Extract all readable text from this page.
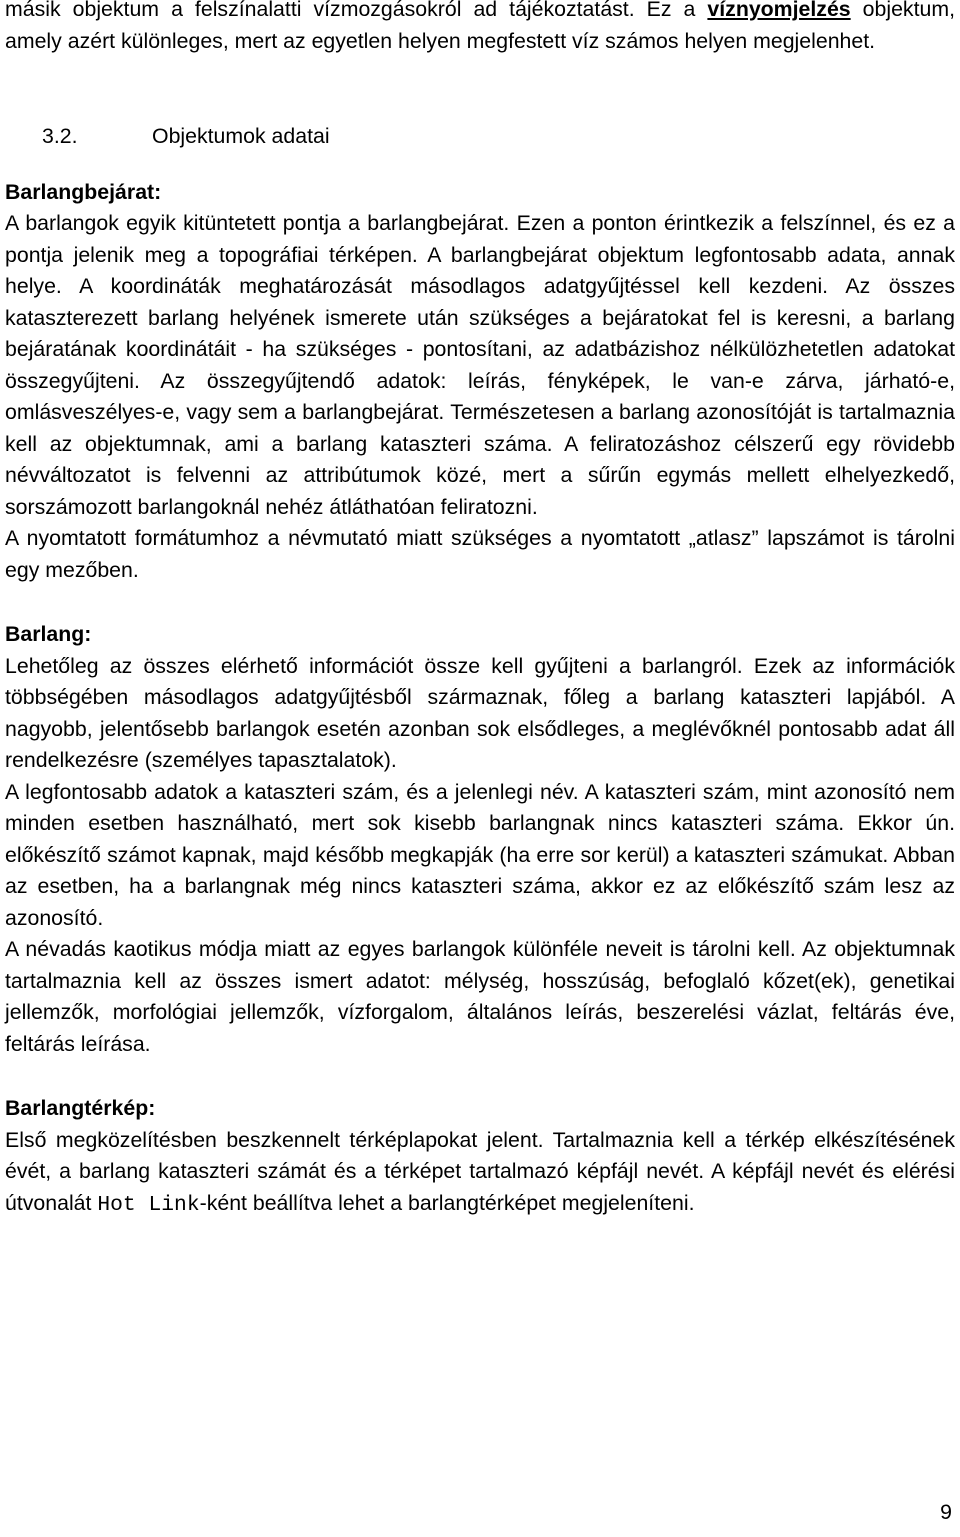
másik objektum a felszínalatti vízmozgásokról ad tájékoztatást. Ez a víznyomjelzés objektum, amely azért különleges, mert az egyetlen helyen megfestett víz számos helyen megjelenhet.

3.2.	Objektumok adatai
Barlangbejárat:

A barlangok egyik kitüntetett pontja a barlangbejárat. Ezen a ponton érintkezik a felszínnel, és ez a pontja jelenik meg a topográfiai térképen. A barlangbejárat objektum legfontosabb adata, annak helye. A koordináták meghatározását másodlagos adatgyűjtéssel kell kezdeni. Az összes kataszterezett barlang helyének ismerete után szükséges a bejáratokat fel is keresni, a barlang bejáratának koordinátáit - ha szükséges - pontosítani, az adatbázishoz nélkülözhetetlen adatokat összegyűjteni. Az összegyűjtendő adatok: leírás, fényképek, le van-e zárva, járható-e, omlásveszélyes-e, vagy sem a barlangbejárat. Természetesen a barlang azonosítóját is tartalmaznia kell az objektumnak, ami a barlang kataszteri száma. A feliratozáshoz célszerű egy rövidebb névváltozatot is felvenni az attribútumok közé, mert a sűrűn egymás mellett elhelyezkedő, sorszámozott barlangoknál nehéz átláthatóan feliratozni.

A nyomtatott formátumhoz a névmutató miatt szükséges a nyomtatott „atlasz” lapszámot is tárolni egy mezőben.

Barlang:

Lehetőleg az összes elérhető információt össze kell gyűjteni a barlangról. Ezek az információk többségében másodlagos adatgyűjtésből származnak, főleg a barlang kataszteri lapjából. A nagyobb, jelentősebb barlangok esetén azonban sok elsődleges, a meglévőknél pontosabb adat áll rendelkezésre (személyes tapasztalatok).

A legfontosabb adatok a kataszteri szám, és a jelenlegi név. A kataszteri szám, mint azonosító nem minden esetben használható, mert sok kisebb barlangnak nincs kataszteri száma. Ekkor ún. előkészítő számot kapnak, majd később megkapják (ha erre sor kerül) a kataszteri számukat. Abban az esetben, ha a barlangnak még nincs kataszteri száma, akkor ez az előkészítő szám lesz az azonosító.

A névadás kaotikus módja miatt az egyes barlangok különféle neveit is tárolni kell. Az objektumnak tartalmaznia kell az összes ismert adatot: mélység, hosszúság, befoglaló kőzet(ek), genetikai jellemzők, morfológiai jellemzők, vízforgalom, általános leírás, beszerelési vázlat, feltárás éve, feltárás leírása.

Barlangtérkép:

Első megközelítésben beszkennelt térképlapokat jelent. Tartalmaznia kell a térkép elkészítésének évét, a barlang kataszteri számát és a térképet tartalmazó képfájl nevét. A képfájl nevét és elérési útvonalát Hot Link-ként beállítva lehet a barlangtérképet megjeleníteni.

9
